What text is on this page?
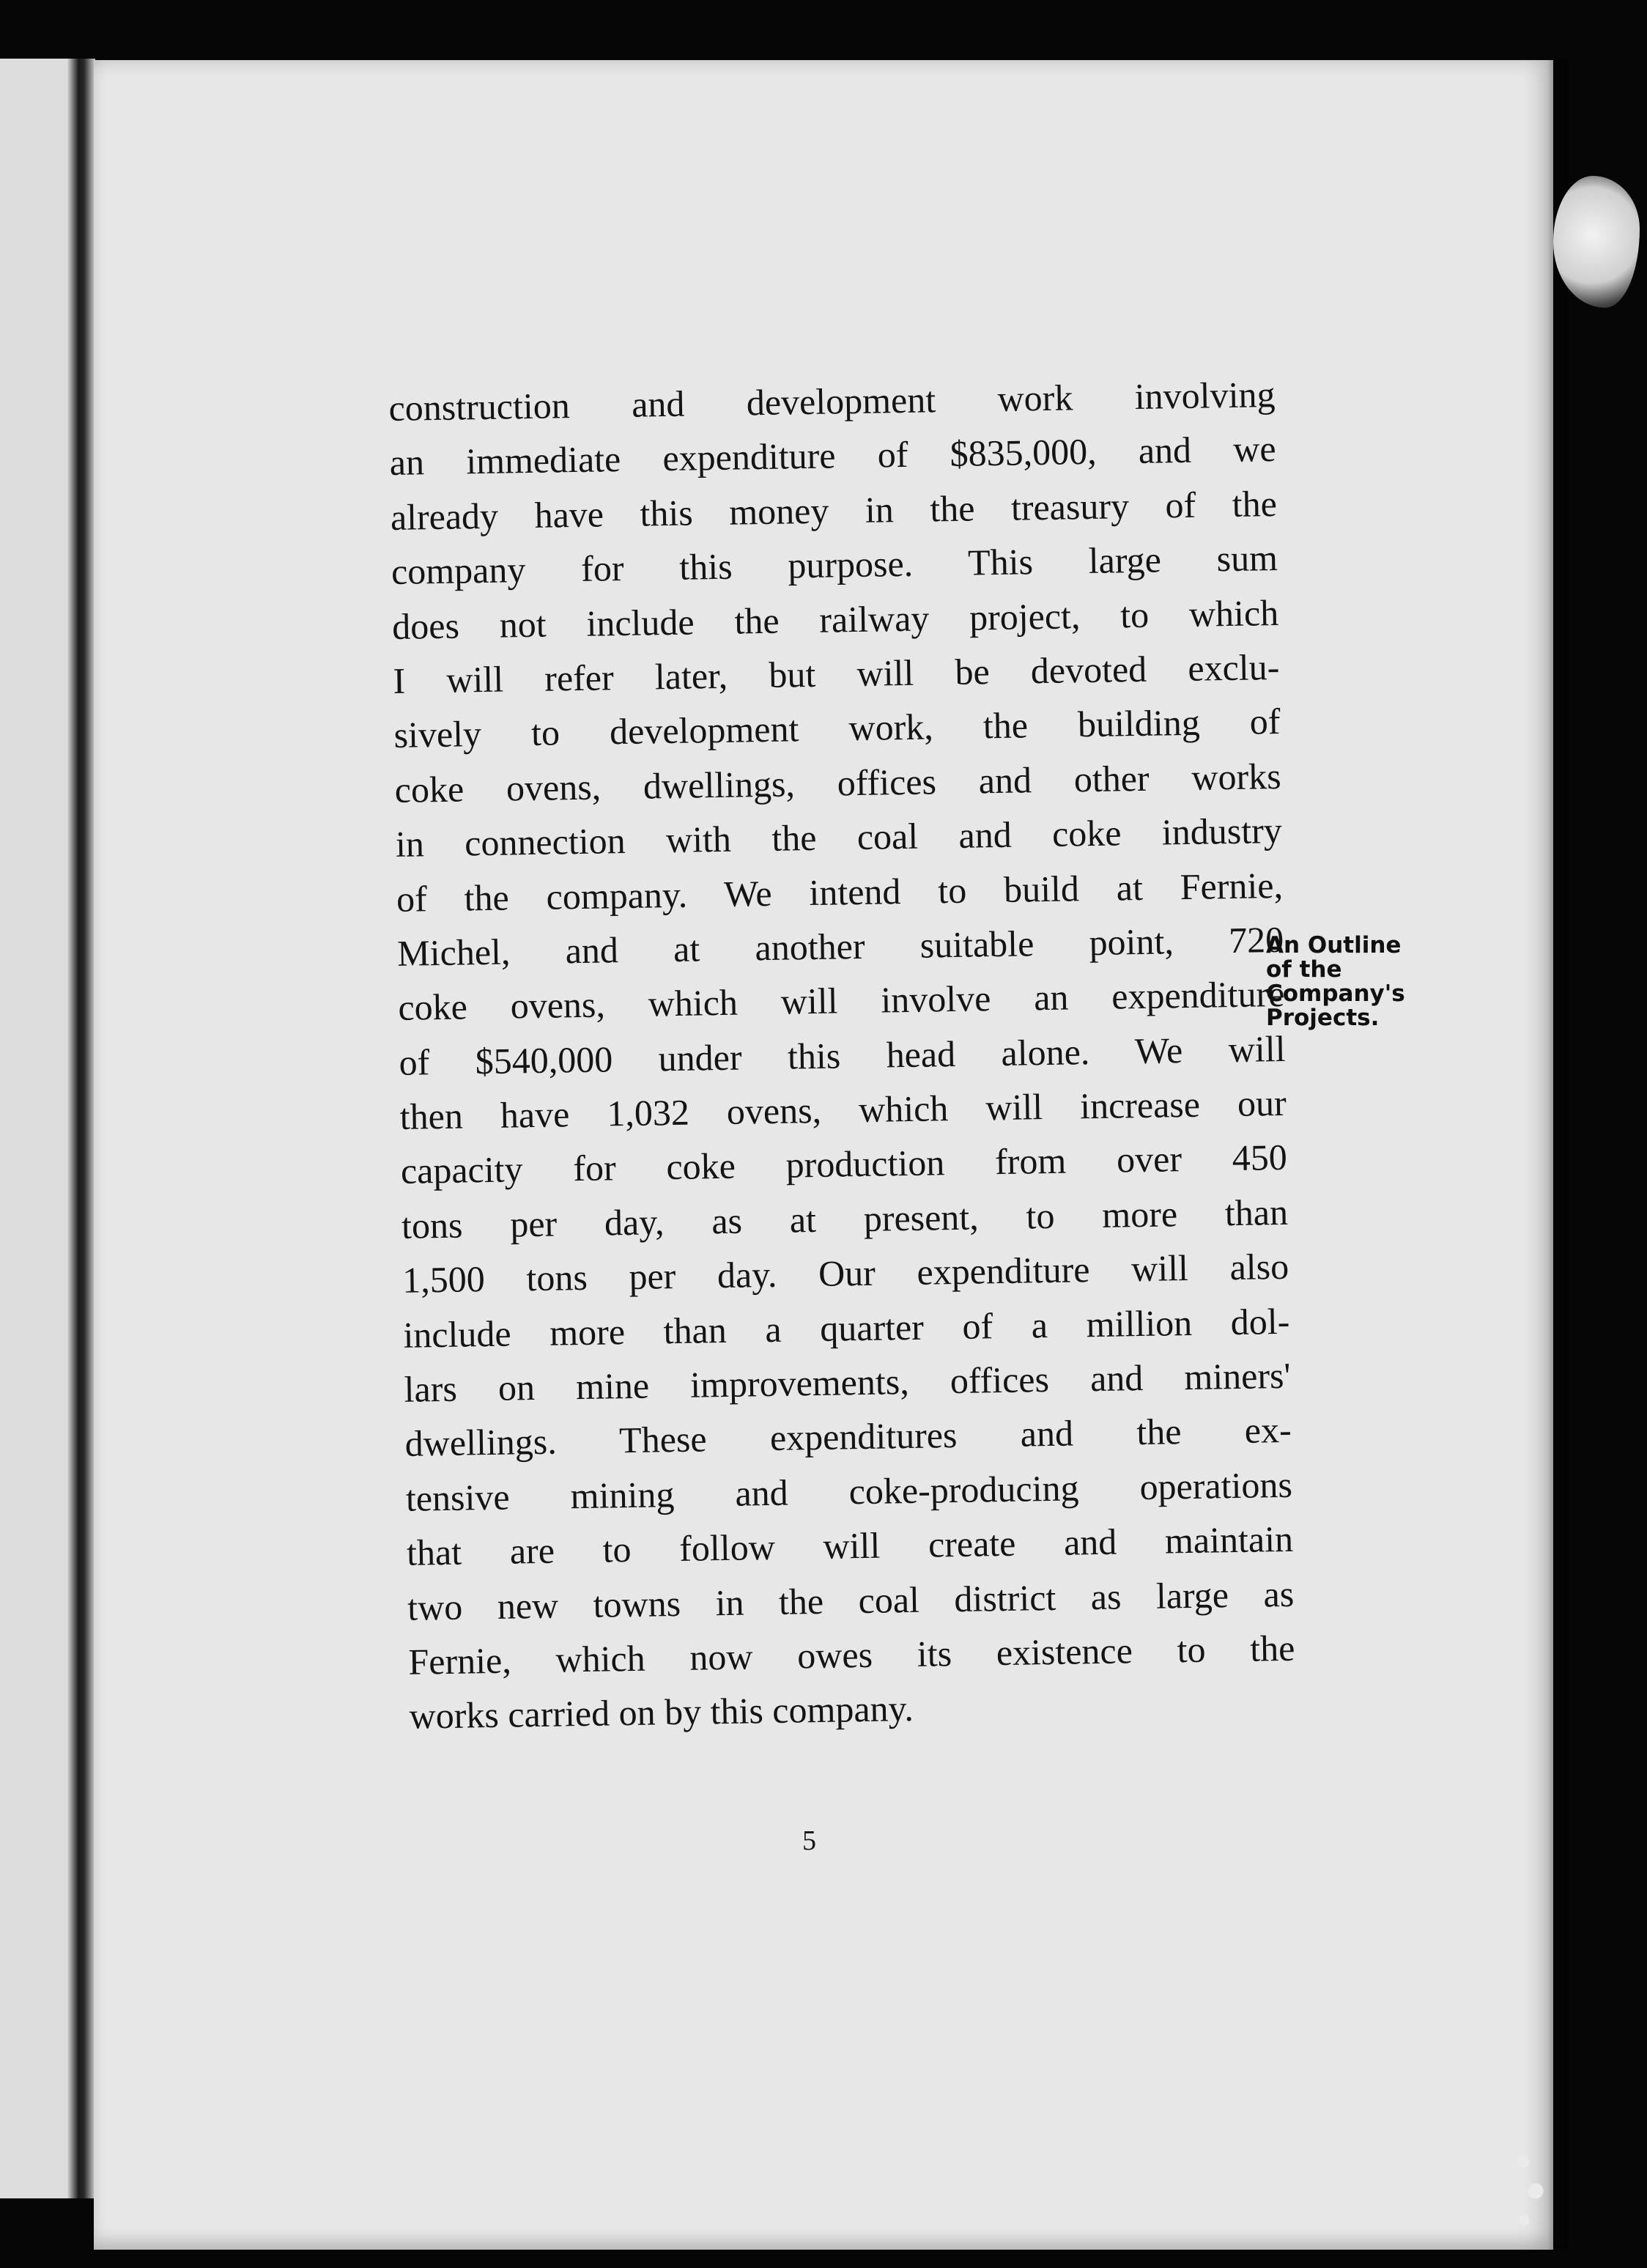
construction and development work involving
an immediate expenditure of $835,000, and we
already have this money in the treasury of the
company for this purpose. This large sum
does not include the railway project, to which
I will refer later, but will be devoted exclu-
sively to development work, the building of
coke ovens, dwellings, offices and other works
in connection with the coal and coke industry
of the company. We intend to build at Fernie,
Michel, and at another suitable point, 720
coke ovens, which will involve an expenditure
of $540,000 under this head alone. We will
then have 1,032 ovens, which will increase our
capacity for coke production from over 450
tons per day, as at present, to more than
1,500 tons per day. Our expenditure will also
include more than a quarter of a million dol-
lars on mine improvements, offices and miners'
dwellings. These expenditures and the ex-
tensive mining and coke-producing operations
that are to follow will create and maintain
two new towns in the coal district as large as
Fernie, which now owes its existence to the
works carried on by this company.
An Outline
of the
Company's
Projects.
5
